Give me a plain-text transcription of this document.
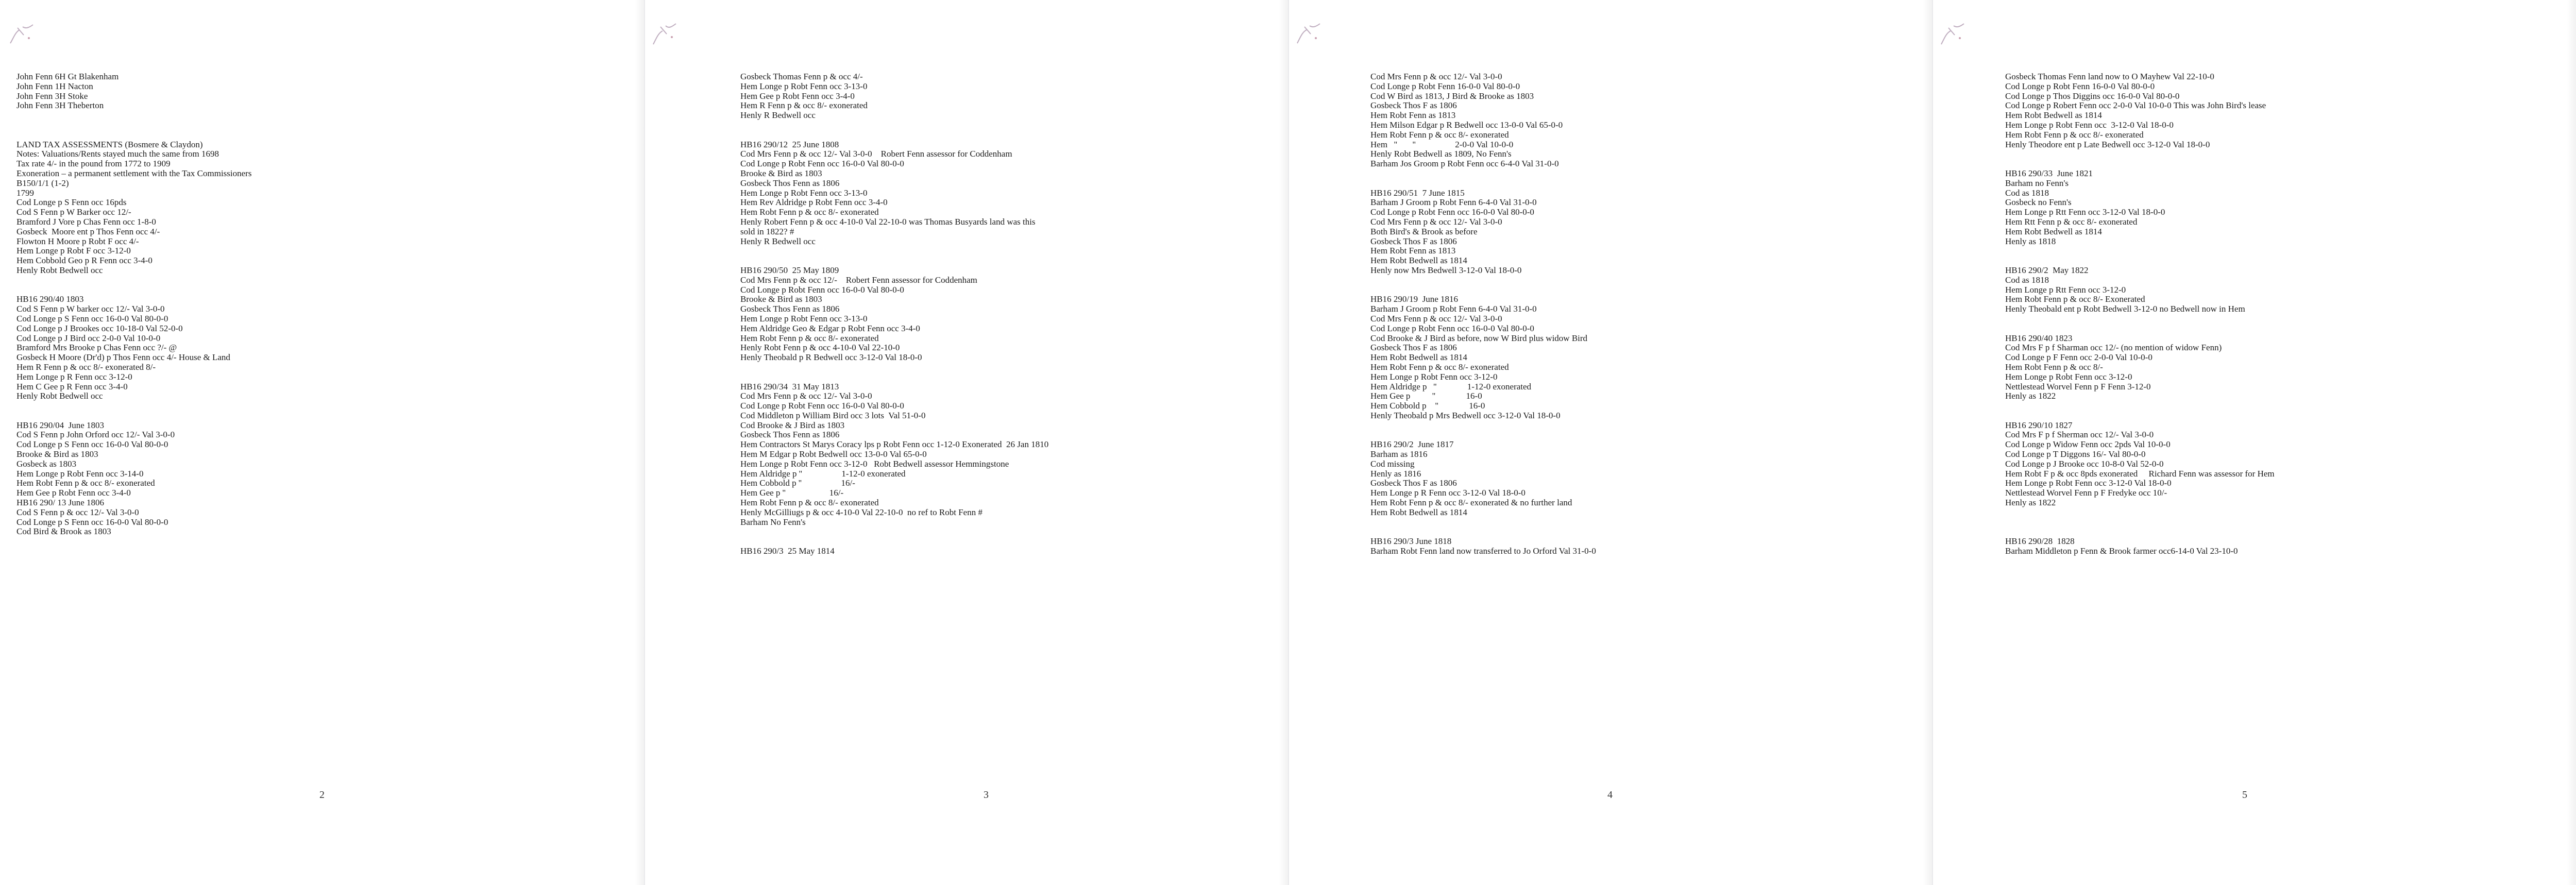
John Fenn 6H Gt Blakenham
John Fenn 1H Nacton
John Fenn 3H Stoke
John Fenn 3H Theberton
LAND TAX ASSESSMENTS (Bosmere & Claydon)
Notes: Valuations/Rents stayed much the same from 1698
Tax rate 4/- in the pound from 1772 to 1909
Exoneration – a permanent settlement with the Tax Commissioners
B150/1/1 (1-2)
1799
Cod Longe p S Fenn occ 16pds
Cod S Fenn p W Barker occ 12/-
Bramford J Vore p Chas Fenn occ 1-8-0
Gosbeck  Moore ent p Thos Fenn occ 4/-
Flowton H Moore p Robt F occ 4/-
Hem Longe p Robt F occ 3-12-0
Hem Cobbold Geo p R Fenn occ 3-4-0
Henly Robt Bedwell occ
HB16 290/40 1803
Cod S Fenn p W barker occ 12/- Val 3-0-0
Cod Longe p S Fenn occ 16-0-0 Val 80-0-0
Cod Longe p J Brookes occ 10-18-0 Val 52-0-0
Cod Longe p J Bird occ 2-0-0 Val 10-0-0
Bramford Mrs Brooke p Chas Fenn occ ?/- @
Gosbeck H Moore (Dr'd) p Thos Fenn occ 4/- House & Land
Hem R Fenn p & occ 8/- exonerated 8/-
Hem Longe p R Fenn occ 3-12-0
Hem C Gee p R Fenn occ 3-4-0
Henly Robt Bedwell occ
HB16 290/04  June 1803
Cod S Fenn p John Orford occ 12/- Val 3-0-0
Cod Longe p S Fenn occ 16-0-0 Val 80-0-0
Brooke & Bird as 1803
Gosbeck as 1803
Hem Longe p Robt Fenn occ 3-14-0
Hem Robt Fenn p & occ 8/- exonerated
Hem Gee p Robt Fenn occ 3-4-0
HB16 290/ 13 June 1806
Cod S Fenn p & occ 12/- Val 3-0-0
Cod Longe p S Fenn occ 16-0-0 Val 80-0-0
Cod Bird & Brook as 1803
2
Gosbeck Thomas Fenn p & occ 4/-
Hem Longe p Robt Fenn occ 3-13-0
Hem Gee p Robt Fenn occ 3-4-0
Hem R Fenn p & occ 8/- exonerated
Henly R Bedwell occ
HB16 290/12  25 June 1808
Cod Mrs Fenn p & occ 12/- Val 3-0-0    Robert Fenn assessor for Coddenham
Cod Longe p Robt Fenn occ 16-0-0 Val 80-0-0
Brooke & Bird as 1803
Gosbeck Thos Fenn as 1806
Hem Longe p Robt Fenn occ 3-13-0
Hem Rev Aldridge p Robt Fenn occ 3-4-0
Hem Robt Fenn p & occ 8/- exonerated
Henly Robert Fenn p & occ 4-10-0 Val 22-10-0 was Thomas Busyards land was this
sold in 1822? #
Henly R Bedwell occ
HB16 290/50  25 May 1809
Cod Mrs Fenn p & occ 12/-    Robert Fenn assessor for Coddenham
Cod Longe p Robt Fenn occ 16-0-0 Val 80-0-0
Brooke & Bird as 1803
Gosbeck Thos Fenn as 1806
Hem Longe p Robt Fenn occ 3-13-0
Hem Aldridge Geo & Edgar p Robt Fenn occ 3-4-0
Hem Robt Fenn p & occ 8/- exonerated
Henly Robt Fenn p & occ 4-10-0 Val 22-10-0
Henly Theobald p R Bedwell occ 3-12-0 Val 18-0-0
HB16 290/34  31 May 1813
Cod Mrs Fenn p & occ 12/- Val 3-0-0
Cod Longe p Robt Fenn occ 16-0-0 Val 80-0-0
Cod Middleton p William Bird occ 3 lots  Val 51-0-0
Cod Brooke & J Bird as 1803
Gosbeck Thos Fenn as 1806
Hem Contractors St Marys Coracy lps p Robt Fenn occ 1-12-0 Exonerated  26 Jan 1810
Hem M Edgar p Robt Bedwell occ 13-0-0 Val 65-0-0
Hem Longe p Robt Fenn occ 3-12-0   Robt Bedwell assessor Hemmingstone
Hem Aldridge p ''                  1-12-0 exonerated
Hem Cobbold p ''                  16/-
Hem Gee p ''                    16/-
Hem Robt Fenn p & occ 8/- exonerated
Henly McGilliugs p & occ 4-10-0 Val 22-10-0  no ref to Robt Fenn #
Barham No Fenn's
HB16 290/3  25 May 1814
3
Cod Mrs Fenn p & occ 12/- Val 3-0-0
Cod Longe p Robt Fenn 16-0-0 Val 80-0-0
Cod W Bird as 1813, J Bird & Brooke as 1803
Gosbeck Thos F as 1806
Hem Robt Fenn as 1813
Hem Milson Edgar p R Bedwell occ 13-0-0 Val 65-0-0
Hem Robt Fenn p & occ 8/- exonerated
Hem   ''       ''                  2-0-0 Val 10-0-0
Henly Robt Bedwell as 1809, No Fenn's
Barham Jos Groom p Robt Fenn occ 6-4-0 Val 31-0-0
HB16 290/51  7 June 1815
Barham J Groom p Robt Fenn 6-4-0 Val 31-0-0
Cod Longe p Robt Fenn occ 16-0-0 Val 80-0-0
Cod Mrs Fenn p & occ 12/- Val 3-0-0
Both Bird's & Brook as before
Gosbeck Thos F as 1806
Hem Robt Fenn as 1813
Hem Robt Bedwell as 1814
Henly now Mrs Bedwell 3-12-0 Val 18-0-0
HB16 290/19  June 1816
Barham J Groom p Robt Fenn 6-4-0 Val 31-0-0
Cod Mrs Fenn p & occ 12/- Val 3-0-0
Cod Longe p Robt Fenn occ 16-0-0 Val 80-0-0
Cod Brooke & J Bird as before, now W Bird plus widow Bird
Gosbeck Thos F as 1806
Hem Robt Bedwell as 1814
Hem Robt Fenn p & occ 8/- exonerated
Hem Longe p Robt Fenn occ 3-12-0
Hem Aldridge p   ''              1-12-0 exonerated
Hem Gee p          ''              16-0
Hem Cobbold p    ''              16-0
Henly Theobald p Mrs Bedwell occ 3-12-0 Val 18-0-0
HB16 290/2  June 1817
Barham as 1816
Cod missing
Henly as 1816
Gosbeck Thos F as 1806
Hem Longe p R Fenn occ 3-12-0 Val 18-0-0
Hem Robt Fenn p & occ 8/- exonerated & no further land
Hem Robt Bedwell as 1814
HB16 290/3 June 1818
Barham Robt Fenn land now transferred to Jo Orford Val 31-0-0
4
Gosbeck Thomas Fenn land now to O Mayhew Val 22-10-0
Cod Longe p Robt Fenn 16-0-0 Val 80-0-0
Cod Longe p Thos Diggins occ 16-0-0 Val 80-0-0
Cod Longe p Robert Fenn occ 2-0-0 Val 10-0-0 This was John Bird's lease
Hem Robt Bedwell as 1814
Hem Longe p Robt Fenn occ  3-12-0 Val 18-0-0
Hem Robt Fenn p & occ 8/- exonerated
Henly Theodore ent p Late Bedwell occ 3-12-0 Val 18-0-0
HB16 290/33  June 1821
Barham no Fenn's
Cod as 1818
Gosbeck no Fenn's
Hem Longe p Rtt Fenn occ 3-12-0 Val 18-0-0
Hem Rtt Fenn p & occ 8/- exonerated
Hem Robt Bedwell as 1814
Henly as 1818
HB16 290/2  May 1822
Cod as 1818
Hem Longe p Rtt Fenn occ 3-12-0
Hem Robt Fenn p & occ 8/- Exonerated
Henly Theobald ent p Robt Bedwell 3-12-0 no Bedwell now in Hem
HB16 290/40 1823
Cod Mrs F p f Sharman occ 12/- (no mention of widow Fenn)
Cod Longe p F Fenn occ 2-0-0 Val 10-0-0
Hem Robt Fenn p & occ 8/-
Hem Longe p Robt Fenn occ 3-12-0
Nettlestead Worvel Fenn p F Fenn 3-12-0
Henly as 1822
HB16 290/10 1827
Cod Mrs F p f Sherman occ 12/- Val 3-0-0
Cod Longe p Widow Fenn occ 2pds Val 10-0-0
Cod Longe p T Diggons 16/- Val 80-0-0
Cod Longe p J Brooke occ 10-8-0 Val 52-0-0
Hem Robt F p & occ 8pds exonerated     Richard Fenn was assessor for Hem
Hem Longe p Robt Fenn occ 3-12-0 Val 18-0-0
Nettlestead Worvel Fenn p F Fredyke occ 10/-
Henly as 1822
HB16 290/28  1828
Barham Middleton p Fenn & Brook farmer occ6-14-0 Val 23-10-0
5
